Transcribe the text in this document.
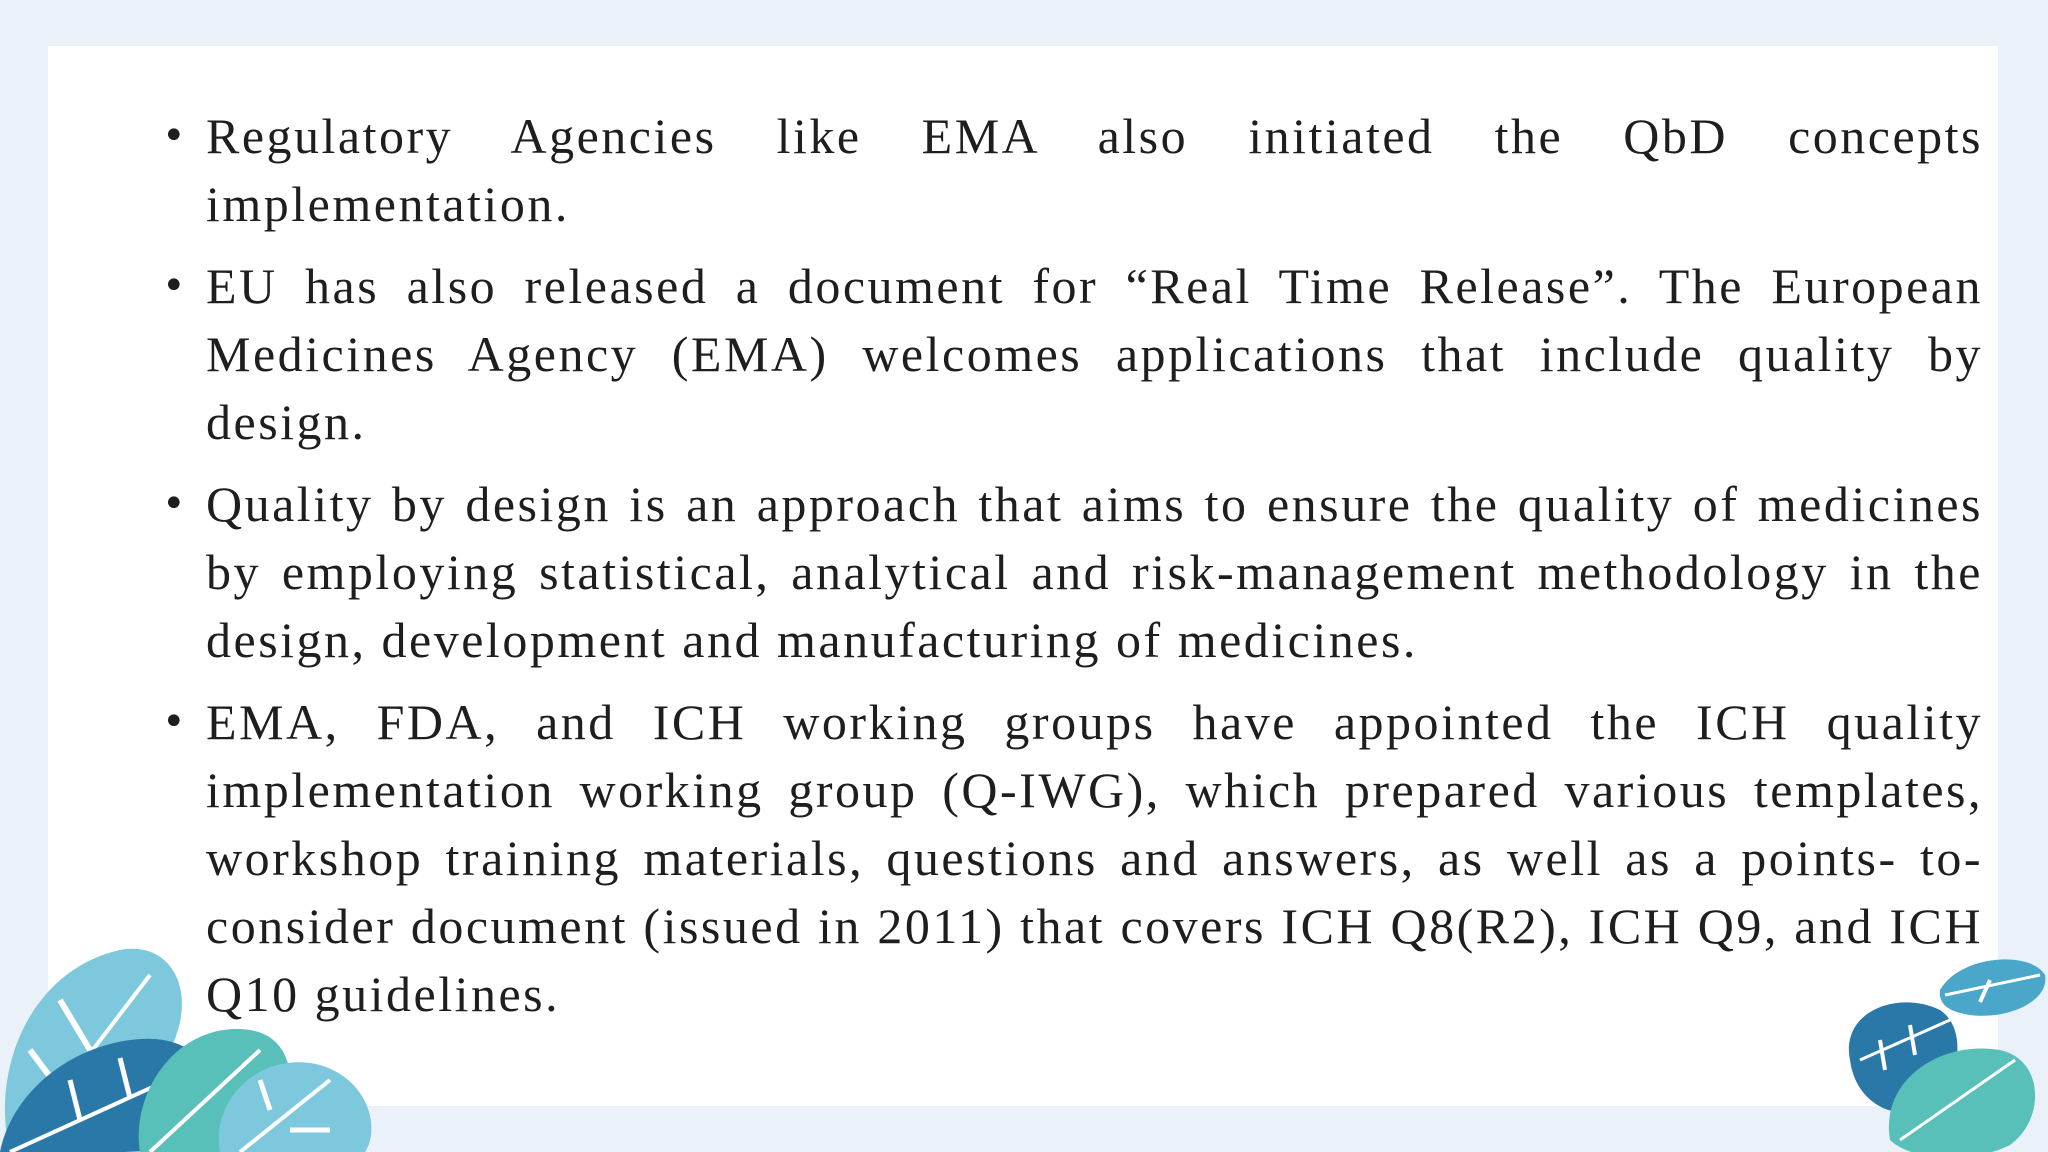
• Regulatory Agencies like EMA also initiated the QbD concepts implementation.
• EU has also released a document for “Real Time Release”. The European Medicines Agency (EMA) welcomes applications that include quality by design.
• Quality by design is an approach that aims to ensure the quality of medicines by employing statistical, analytical and risk-management methodology in the design, development and manufacturing of medicines.
• EMA, FDA, and ICH working groups have appointed the ICH quality implementation working group (Q-IWG), which prepared various templates, workshop training materials, questions and answers, as well as a points- to- consider document (issued in 2011) that covers ICH Q8(R2), ICH Q9, and ICH Q10 guidelines.
